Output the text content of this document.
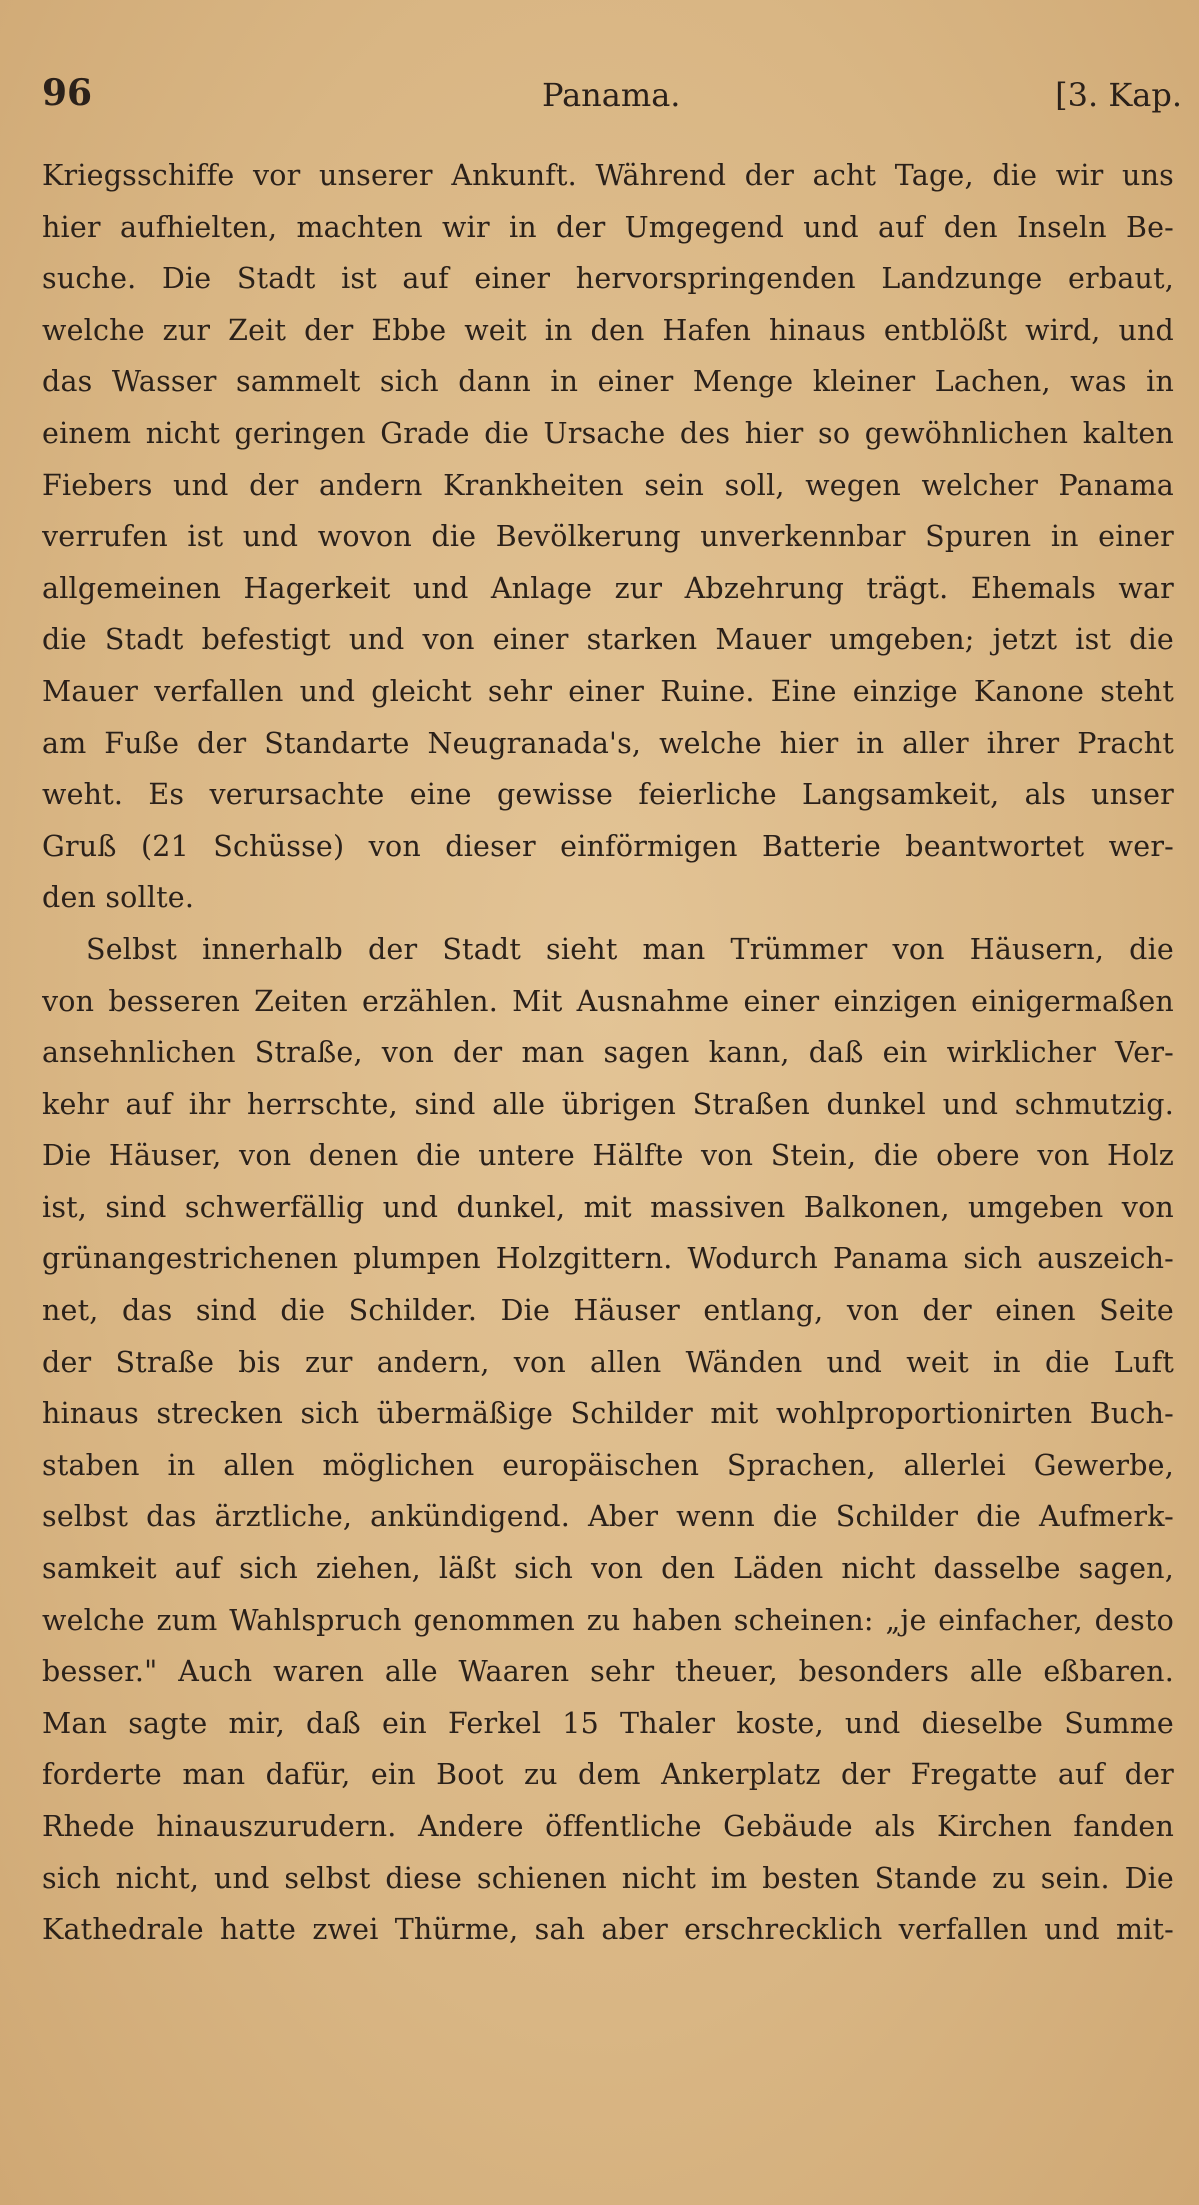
96	Panama.	[3. Kap.
Kriegsschiffe vor unserer Ankunft. Während der acht Tage, die wir uns
hier aufhielten, machten wir in der Umgegend und auf den Inseln Be-
suche. Die Stadt ist auf einer hervorspringenden Landzunge erbaut,
welche zur Zeit der Ebbe weit in den Hafen hinaus entblößt wird, und
das Wasser sammelt sich dann in einer Menge kleiner Lachen, was in
einem nicht geringen Grade die Ursache des hier so gewöhnlichen kalten
Fiebers und der andern Krankheiten sein soll, wegen welcher Panama
verrufen ist und wovon die Bevölkerung unverkennbar Spuren in einer
allgemeinen Hagerkeit und Anlage zur Abzehrung trägt. Ehemals war
die Stadt befestigt und von einer starken Mauer umgeben; jetzt ist die
Mauer verfallen und gleicht sehr einer Ruine. Eine einzige Kanone steht
am Fuße der Standarte Neugranada's, welche hier in aller ihrer Pracht
weht. Es verursachte eine gewisse feierliche Langsamkeit, als unser
Gruß (21 Schüsse) von dieser einförmigen Batterie beantwortet wer-
den sollte.
Selbst innerhalb der Stadt sieht man Trümmer von Häusern, die
von besseren Zeiten erzählen. Mit Ausnahme einer einzigen einigermaßen
ansehnlichen Straße, von der man sagen kann, daß ein wirklicher Ver-
kehr auf ihr herrschte, sind alle übrigen Straßen dunkel und schmutzig.
Die Häuser, von denen die untere Hälfte von Stein, die obere von Holz
ist, sind schwerfällig und dunkel, mit massiven Balkonen, umgeben von
grünangestrichenen plumpen Holzgittern. Wodurch Panama sich auszeich-
net, das sind die Schilder. Die Häuser entlang, von der einen Seite
der Straße bis zur andern, von allen Wänden und weit in die Luft
hinaus strecken sich übermäßige Schilder mit wohlproportionirten Buch-
staben in allen möglichen europäischen Sprachen, allerlei Gewerbe,
selbst das ärztliche, ankündigend. Aber wenn die Schilder die Aufmerk-
samkeit auf sich ziehen, läßt sich von den Läden nicht dasselbe sagen,
welche zum Wahlspruch genommen zu haben scheinen: „je einfacher, desto
besser." Auch waren alle Waaren sehr theuer, besonders alle eßbaren.
Man sagte mir, daß ein Ferkel 15 Thaler koste, und dieselbe Summe
forderte man dafür, ein Boot zu dem Ankerplatz der Fregatte auf der
Rhede hinauszurudern. Andere öffentliche Gebäude als Kirchen fanden
sich nicht, und selbst diese schienen nicht im besten Stande zu sein. Die
Kathedrale hatte zwei Thürme, sah aber erschrecklich verfallen und mit-
